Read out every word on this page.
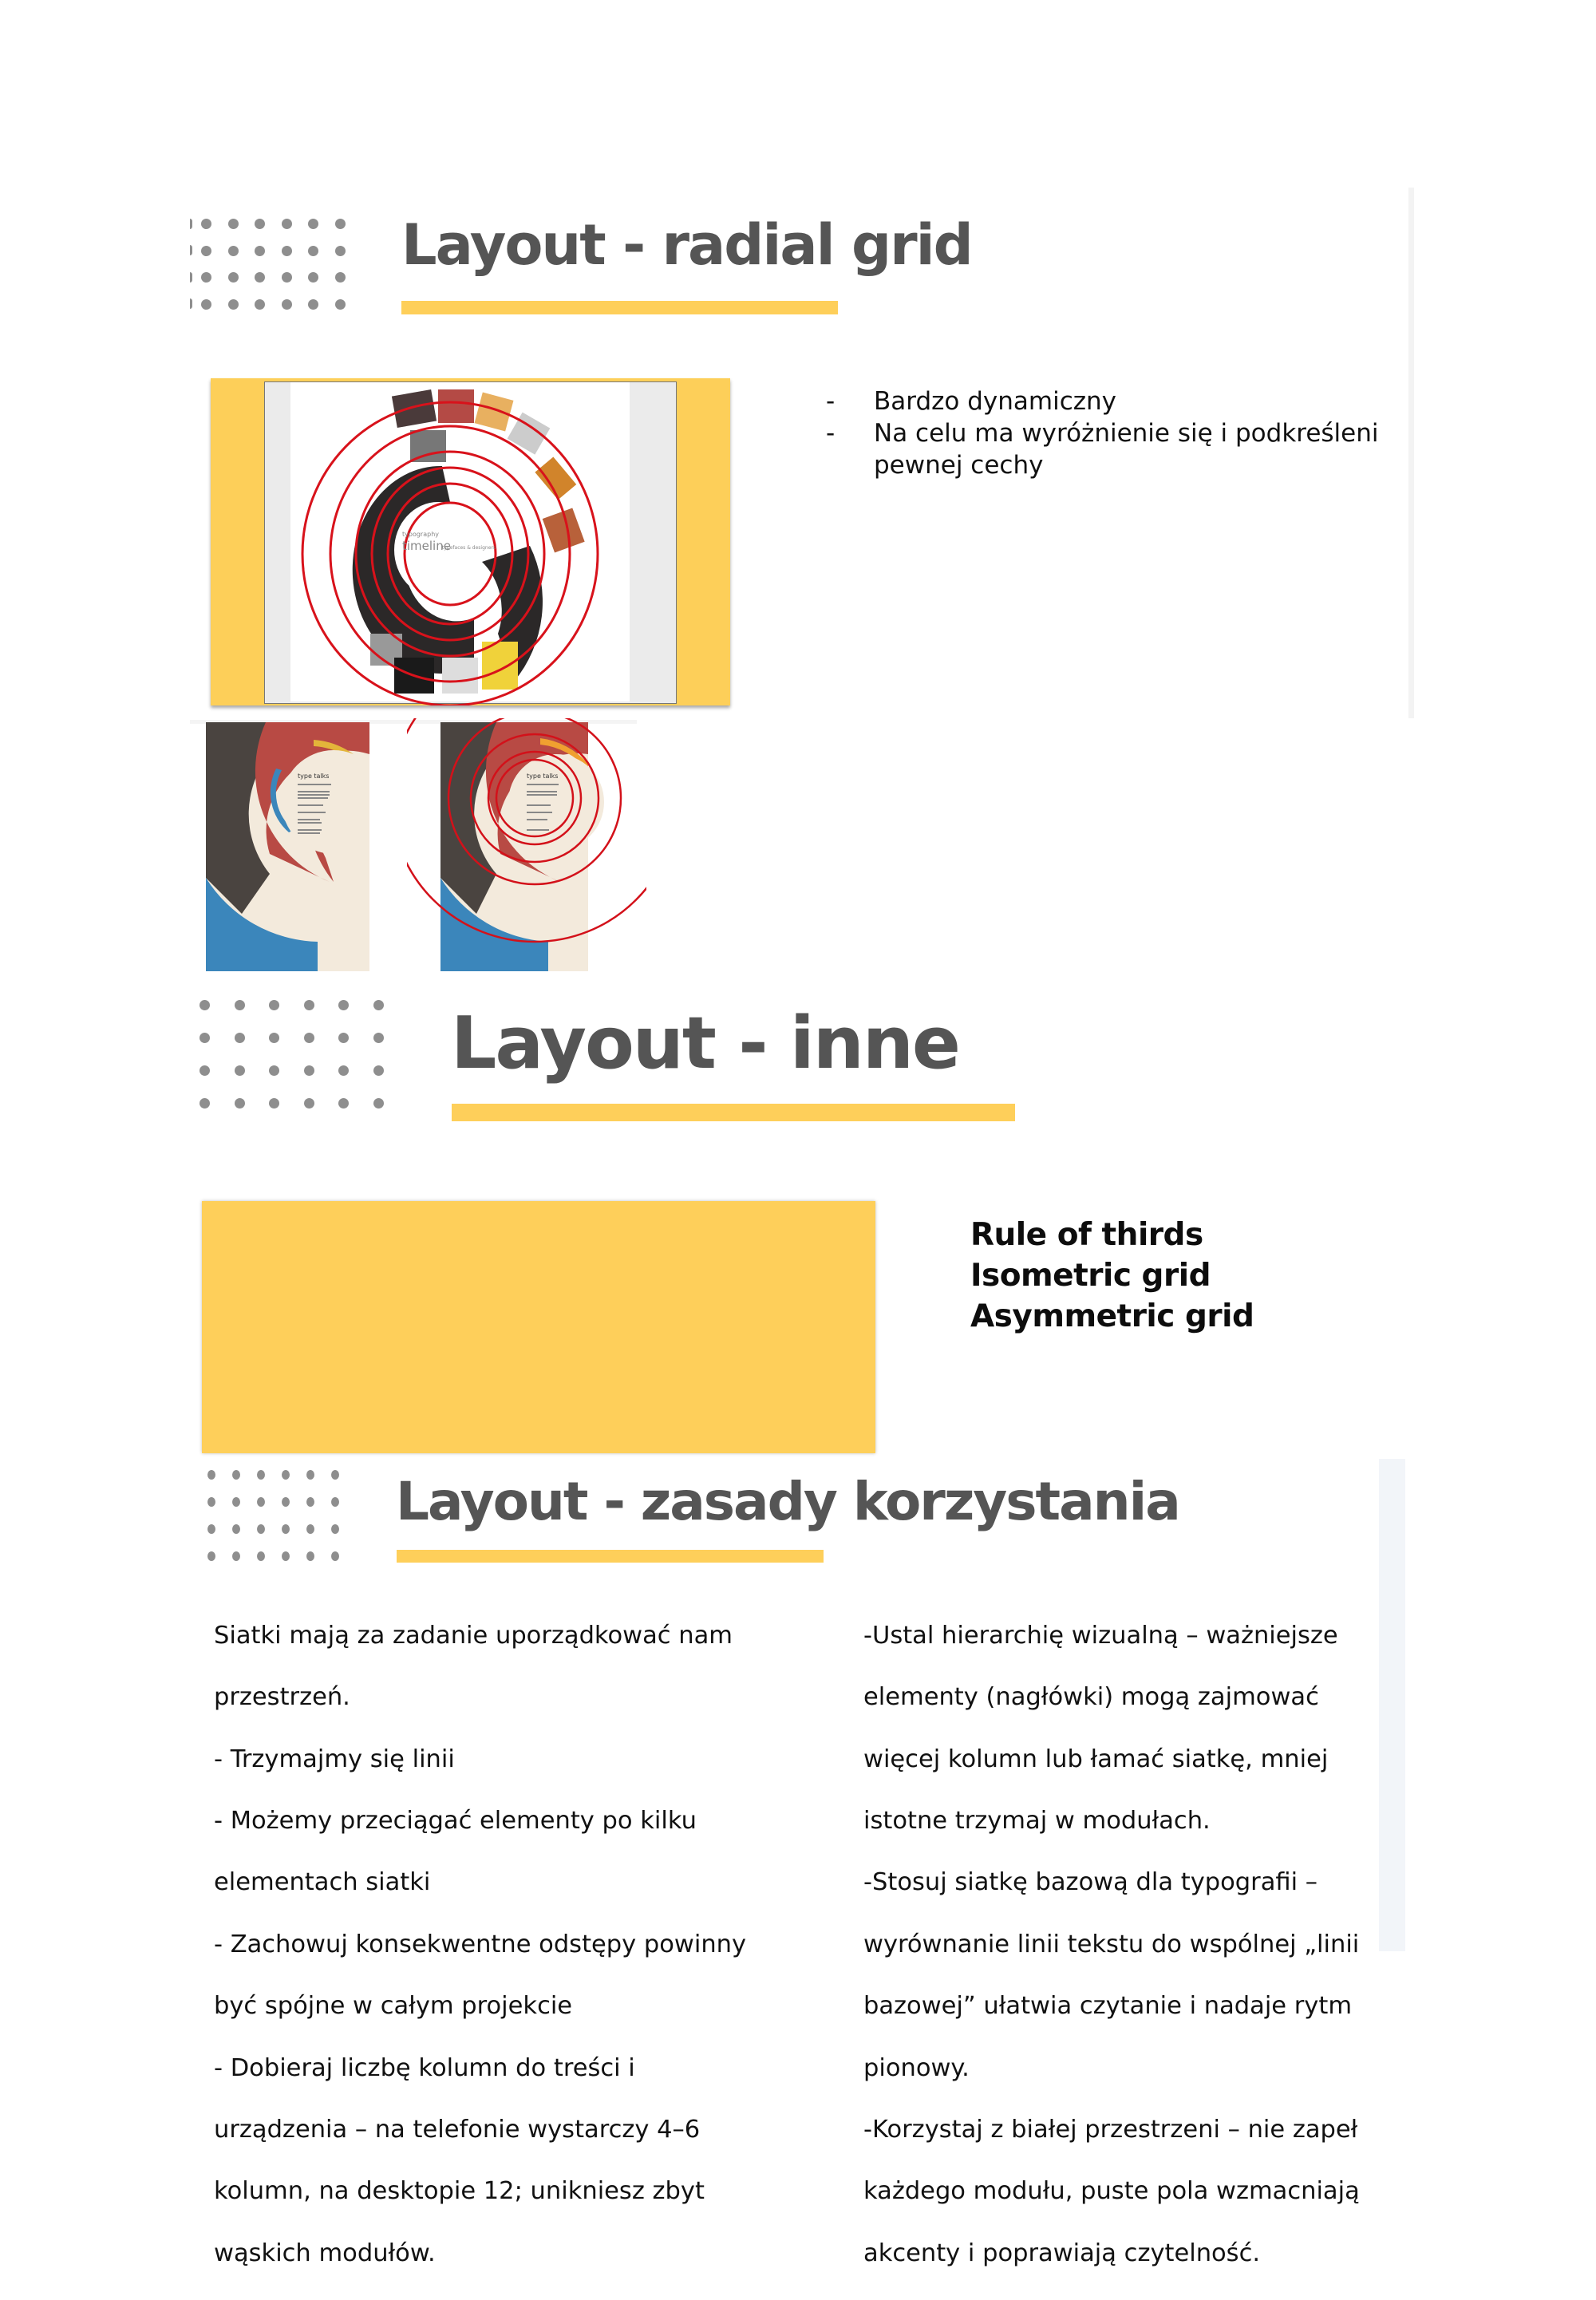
Layout - radial grid
typography
timeline
typefaces & designers
-	Bardzo dynamiczny
-	Na celu ma wyróżnienie się i podkreśleni
pewnej cechy
type talks	type talks
Layout - inne
Rule of thirds
Isometric grid
Asymmetric grid
Layout - zasady korzystania

Siatki mają za zadanie uporządkować nam

przestrzeń.

- Trzymajmy się linii

- Możemy przeciągać elementy po kilku

elementach siatki

- Zachowuj konsekwentne odstępy powinny

być spójne w całym projekcie

- Dobieraj liczbę kolumn do treści i

urządzenia – na telefonie wystarczy 4–6

kolumn, na desktopie 12; unikniesz zbyt

wąskich modułów.

-Ustal hierarchię wizualną – ważniejsze

elementy (nagłówki) mogą zajmować

więcej kolumn lub łamać siatkę, mniej

istotne trzymaj w modułach.

-Stosuj siatkę bazową dla typografii –

wyrównanie linii tekstu do wspólnej „linii

bazowej” ułatwia czytanie i nadaje rytm

pionowy.

-Korzystaj z białej przestrzeni – nie zapeł

każdego modułu, puste pola wzmacniają

akcenty i poprawiają czytelność.
